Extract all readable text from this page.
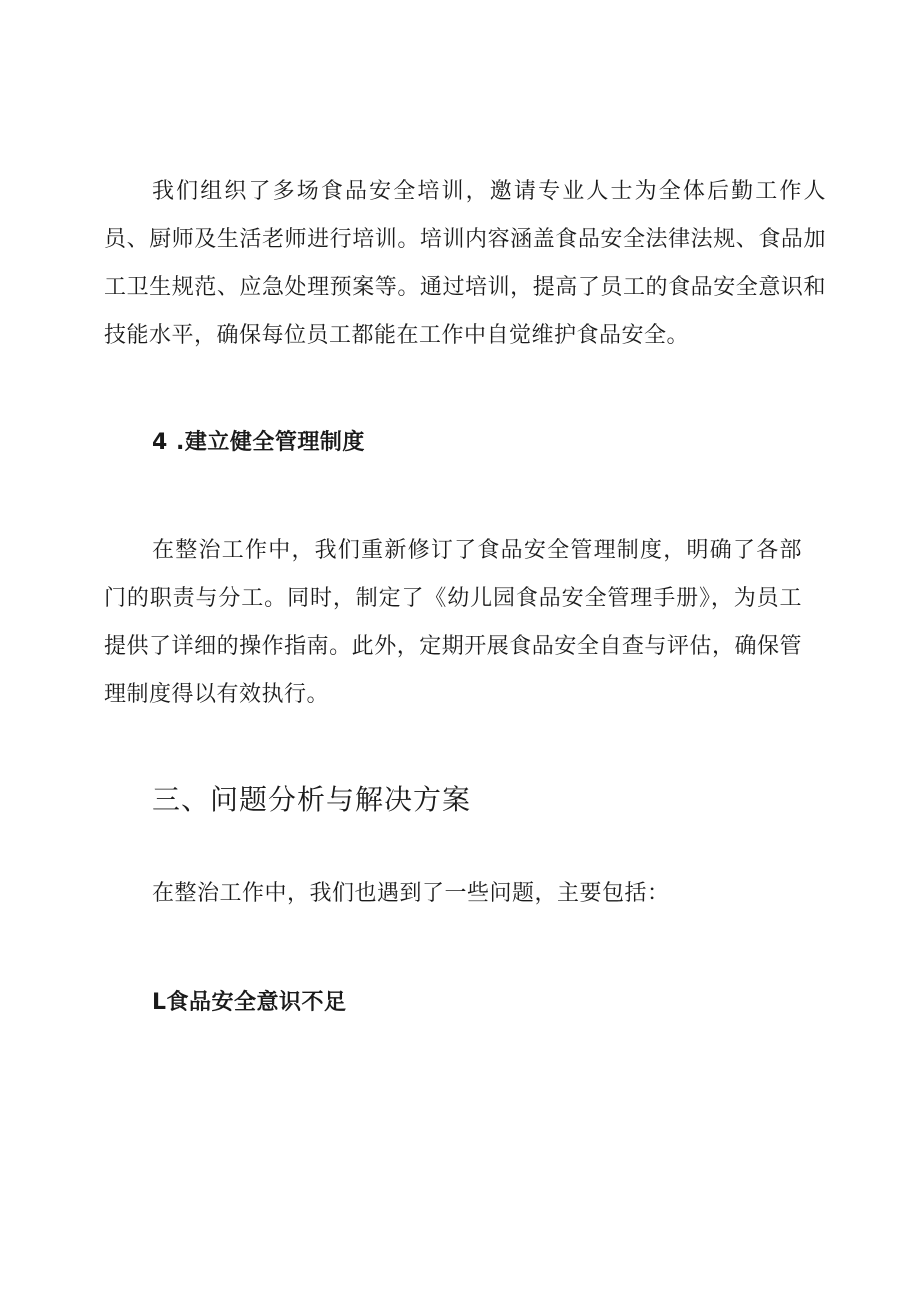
我们组织了多场食品安全培训，邀请专业人士为全体后勤工作人员、厨师及生活老师进行培训。培训内容涵盖食品安全法律法规、食品加工卫生规范、应急处理预案等。通过培训，提高了员工的食品安全意识和技能水平，确保每位员工都能在工作中自觉维护食品安全。

4 .建立健全管理制度

在整治工作中，我们重新修订了食品安全管理制度，明确了各部门的职责与分工。同时，制定了《幼儿园食品安全管理手册》，为员工提供了详细的操作指南。此外，定期开展食品安全自查与评估，确保管理制度得以有效执行。

三、问题分析与解决方案

在整治工作中，我们也遇到了一些问题，主要包括：

L食品安全意识不足
